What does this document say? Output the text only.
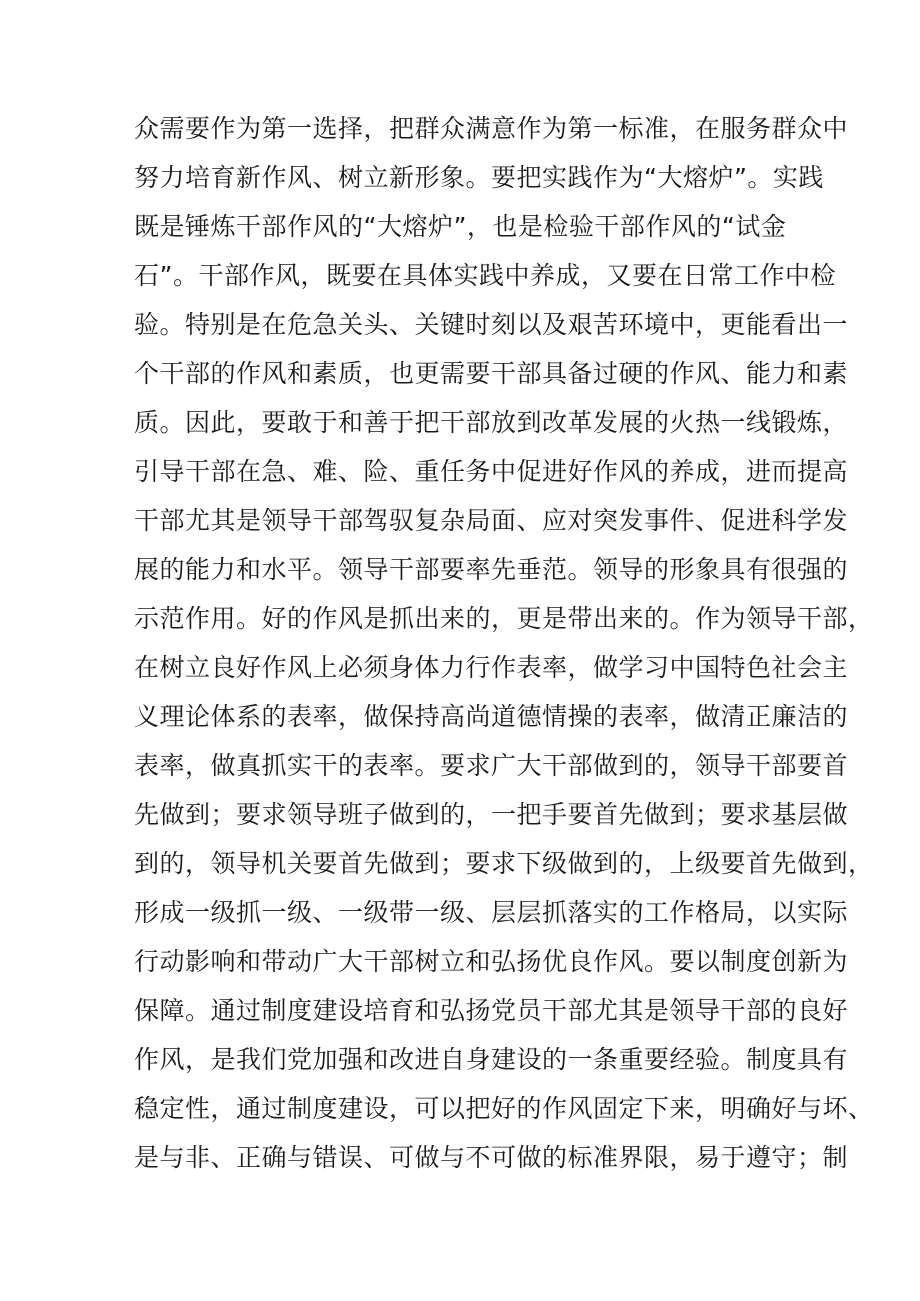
众需要作为第一选择，把群众满意作为第一标准，在服务群众中
努力培育新作风、树立新形象。要把实践作为“大熔炉”。实践
既是锤炼干部作风的“大熔炉”，也是检验干部作风的“试金
石”。干部作风，既要在具体实践中养成，又要在日常工作中检
验。特别是在危急关头、关键时刻以及艰苦环境中，更能看出一
个干部的作风和素质，也更需要干部具备过硬的作风、能力和素
质。因此，要敢于和善于把干部放到改革发展的火热一线锻炼，
引导干部在急、难、险、重任务中促进好作风的养成，进而提高
干部尤其是领导干部驾驭复杂局面、应对突发事件、促进科学发
展的能力和水平。领导干部要率先垂范。领导的形象具有很强的
示范作用。好的作风是抓出来的，更是带出来的。作为领导干部，
在树立良好作风上必须身体力行作表率，做学习中国特色社会主
义理论体系的表率，做保持高尚道德情操的表率，做清正廉洁的
表率，做真抓实干的表率。要求广大干部做到的，领导干部要首
先做到；要求领导班子做到的，一把手要首先做到；要求基层做
到的，领导机关要首先做到；要求下级做到的，上级要首先做到，
形成一级抓一级、一级带一级、层层抓落实的工作格局，以实际
行动影响和带动广大干部树立和弘扬优良作风。要以制度创新为
保障。通过制度建设培育和弘扬党员干部尤其是领导干部的良好
作风，是我们党加强和改进自身建设的一条重要经验。制度具有
稳定性，通过制度建设，可以把好的作风固定下来，明确好与坏、
是与非、正确与错误、可做与不可做的标准界限，易于遵守；制
